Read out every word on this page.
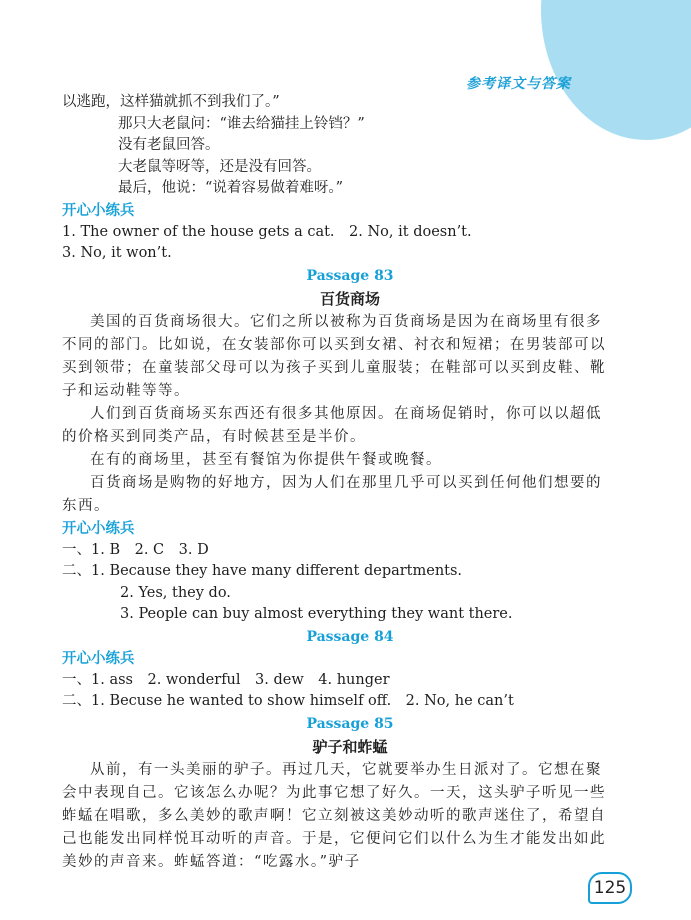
参考译文与答案
以逃跑，这样猫就抓不到我们了。”
那只大老鼠问：“谁去给猫挂上铃铛？”
没有老鼠回答。
大老鼠等呀等，还是没有回答。
最后，他说：“说着容易做着难呀。”
开心小练兵
1. The owner of the house gets a cat.　2. No, it doesn’t.
3. No, it won’t.
Passage 83
百货商场

美国的百货商场很大。它们之所以被称为百货商场是因为在商场里有很多不同的部门。比如说，在女装部你可以买到女裙、衬衣和短裙；在男装部可以买到领带；在童装部父母可以为孩子买到儿童服装；在鞋部可以买到皮鞋、靴子和运动鞋等等。

人们到百货商场买东西还有很多其他原因。在商场促销时，你可以以超低的价格买到同类产品，有时候甚至是半价。

在有的商场里，甚至有餐馆为你提供午餐或晚餐。

百货商场是购物的好地方，因为人们在那里几乎可以买到任何他们想要的东西。

开心小练兵
一、1. B　2. C　3. D
二、1. Because they have many different departments.
2. Yes, they do.
3. People can buy almost everything they want there.
Passage 84
开心小练兵
一、1. ass　2. wonderful　3. dew　4. hunger
二、1. Becuse he wanted to show himself off.　2. No, he can’t
Passage 85
驴子和蚱蜢

从前，有一头美丽的驴子。再过几天，它就要举办生日派对了。它想在聚会中表现自己。它该怎么办呢？为此事它想了好久。一天，这头驴子听见一些蚱蜢在唱歌，多么美妙的歌声啊！它立刻被这美妙动听的歌声迷住了，希望自己也能发出同样悦耳动听的声音。于是，它便问它们以什么为生才能发出如此美妙的声音来。蚱蜢答道：“吃露水。”驴子

125
